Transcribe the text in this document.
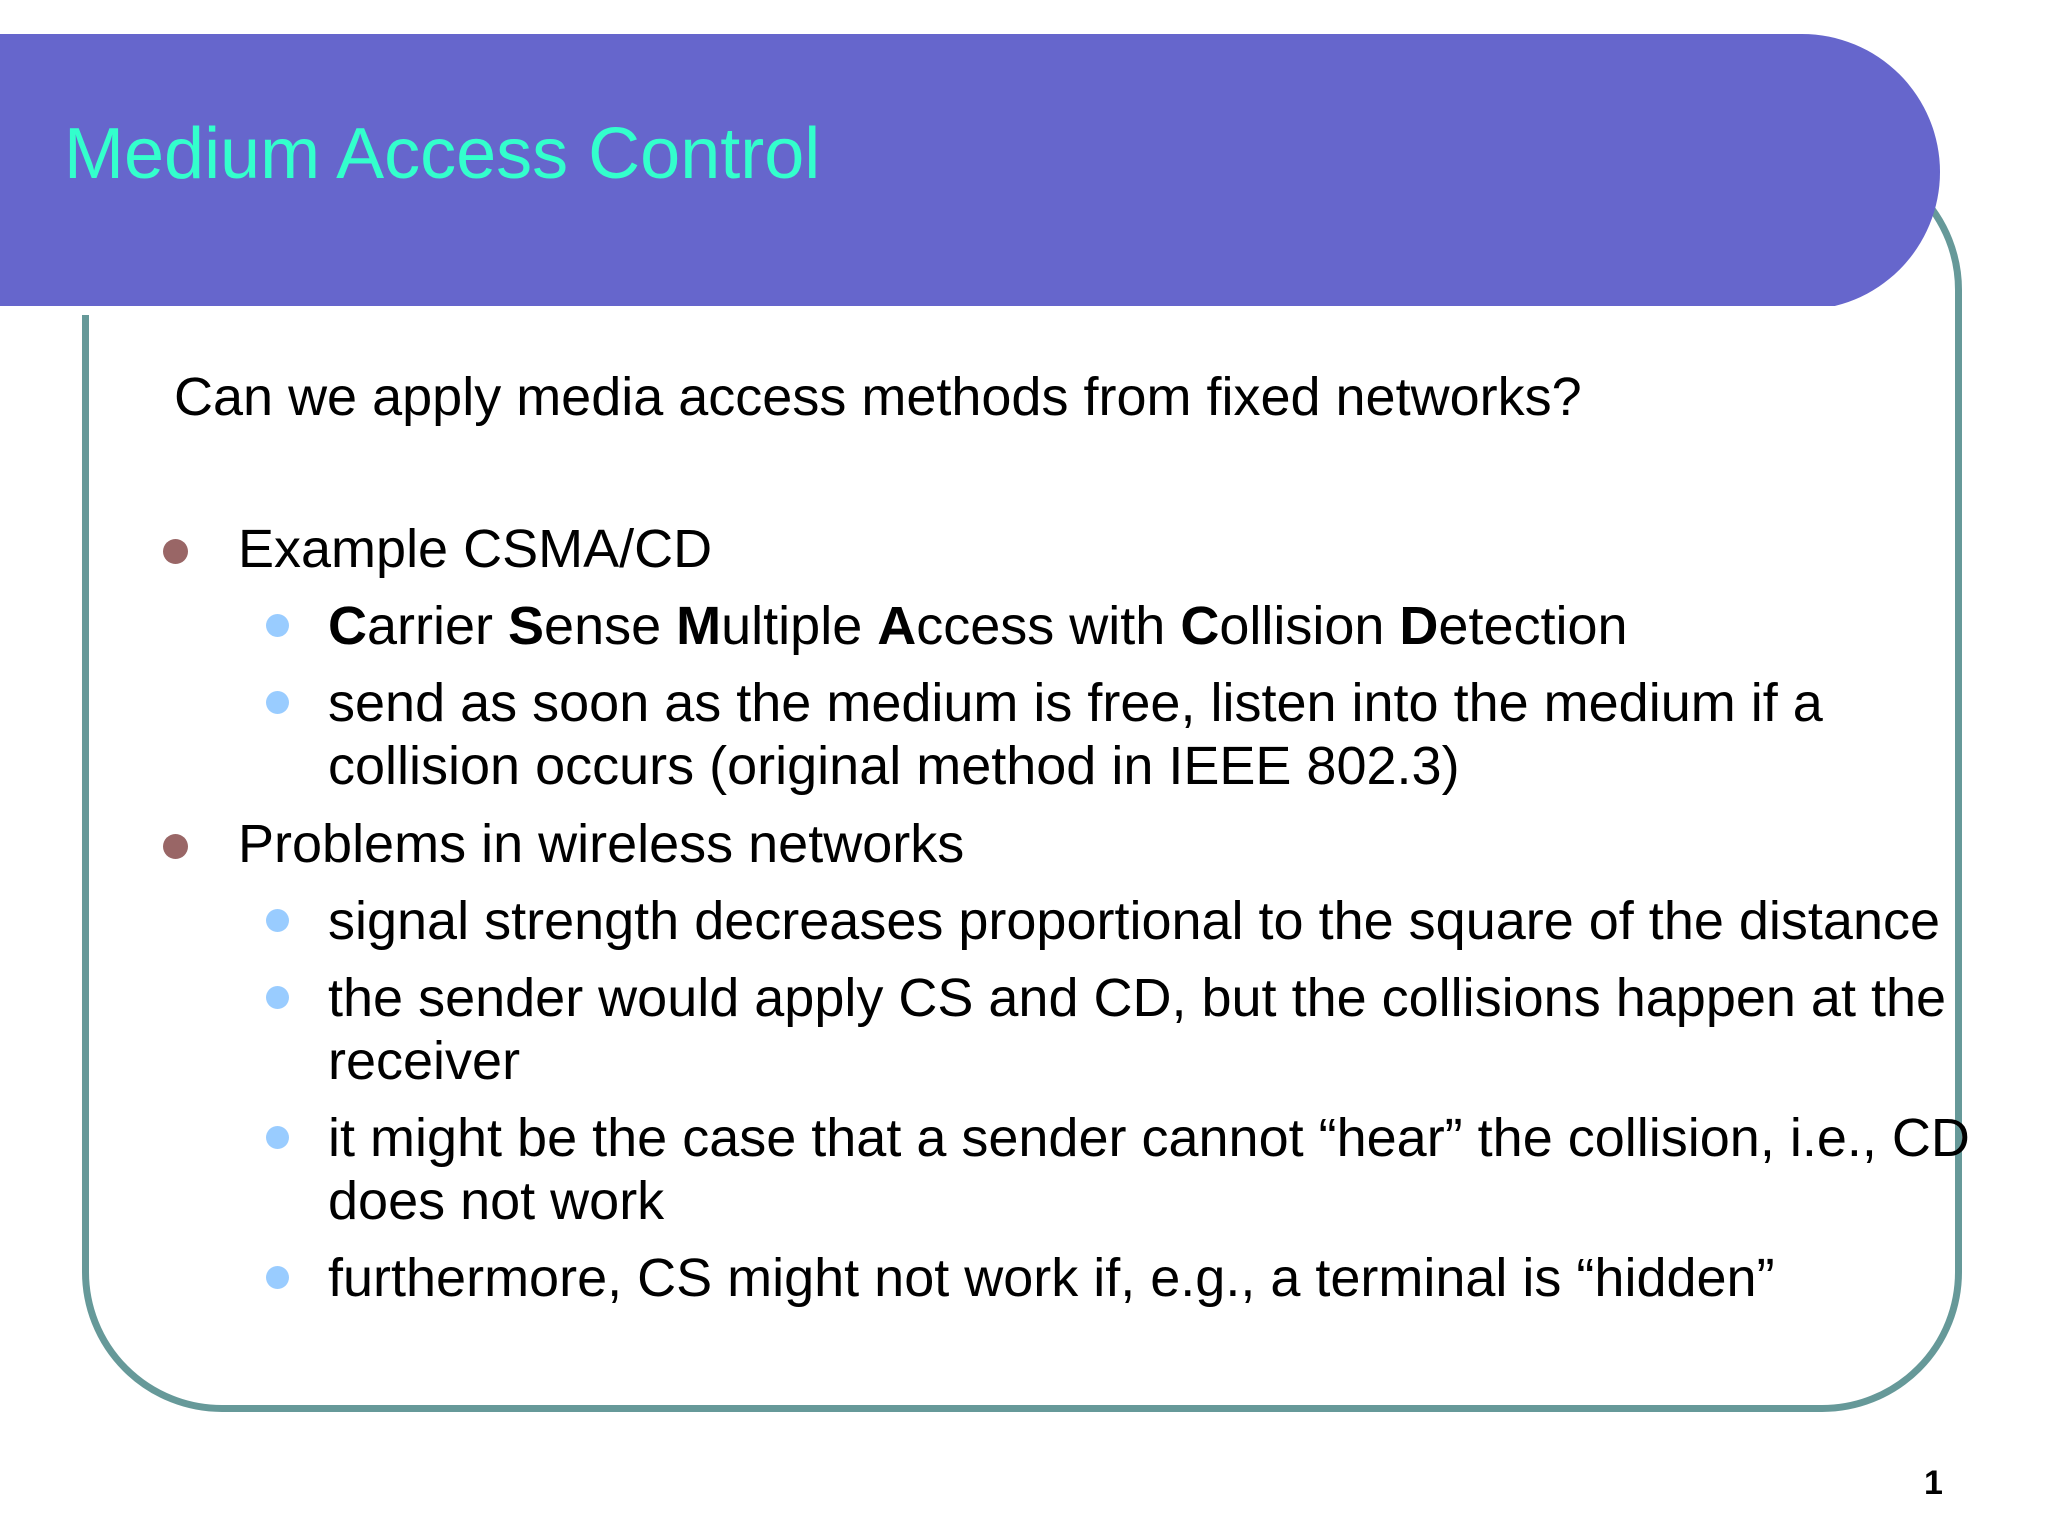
Medium Access Control

Can we apply media access methods from fixed networks?

Example CSMA/CD
Carrier Sense Multiple Access with Collision Detection
send as soon as the medium is free, listen into the medium if a collision occurs (original method in IEEE 802.3)
Problems in wireless networks
signal strength decreases proportional to the square of the distance
the sender would apply CS and CD, but the collisions happen at the receiver
it might be the case that a sender cannot “hear” the collision, i.e., CD does not work
furthermore, CS might not work if, e.g., a terminal is “hidden”
1
